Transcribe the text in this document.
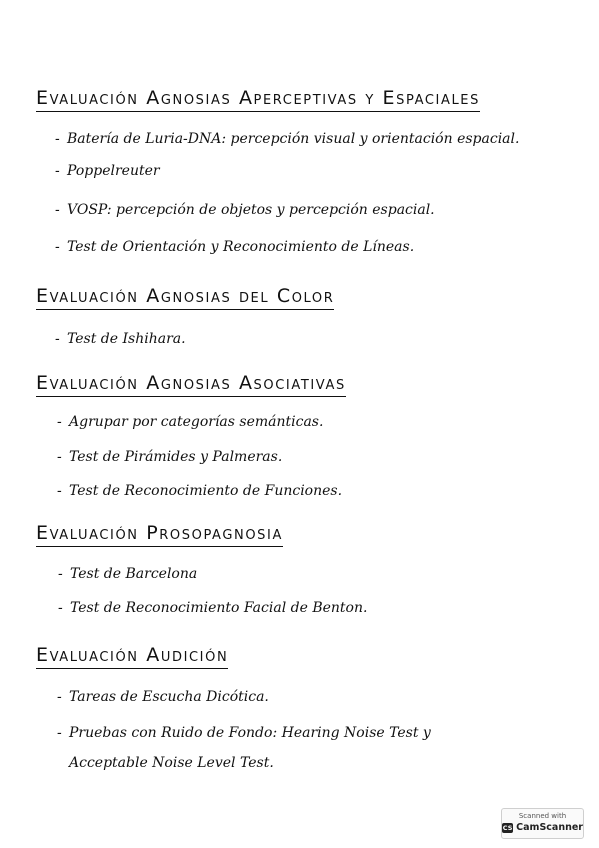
Evaluación Agnosias Aperceptivas y Espaciales
- Batería de Luria-DNA: percepción visual y orientación espacial.
- Poppelreuter
- VOSP: percepción de objetos y percepción espacial.
- Test de Orientación y Reconocimiento de Líneas.
Evaluación Agnosias del Color
- Test de Ishihara.
Evaluación Agnosias Asociativas
- Agrupar por categorías semánticas.
- Test de Pirámides y Palmeras.
- Test de Reconocimiento de Funciones.
Evaluación Prosopagnosia
- Test de Barcelona
- Test de Reconocimiento Facial de Benton.
Evaluación Audición
- Tareas de Escucha Dicótica.
- Pruebas con Ruido de Fondo: Hearing Noise Test y
Acceptable Noise Level Test.
Scanned with
CS CamScanner
